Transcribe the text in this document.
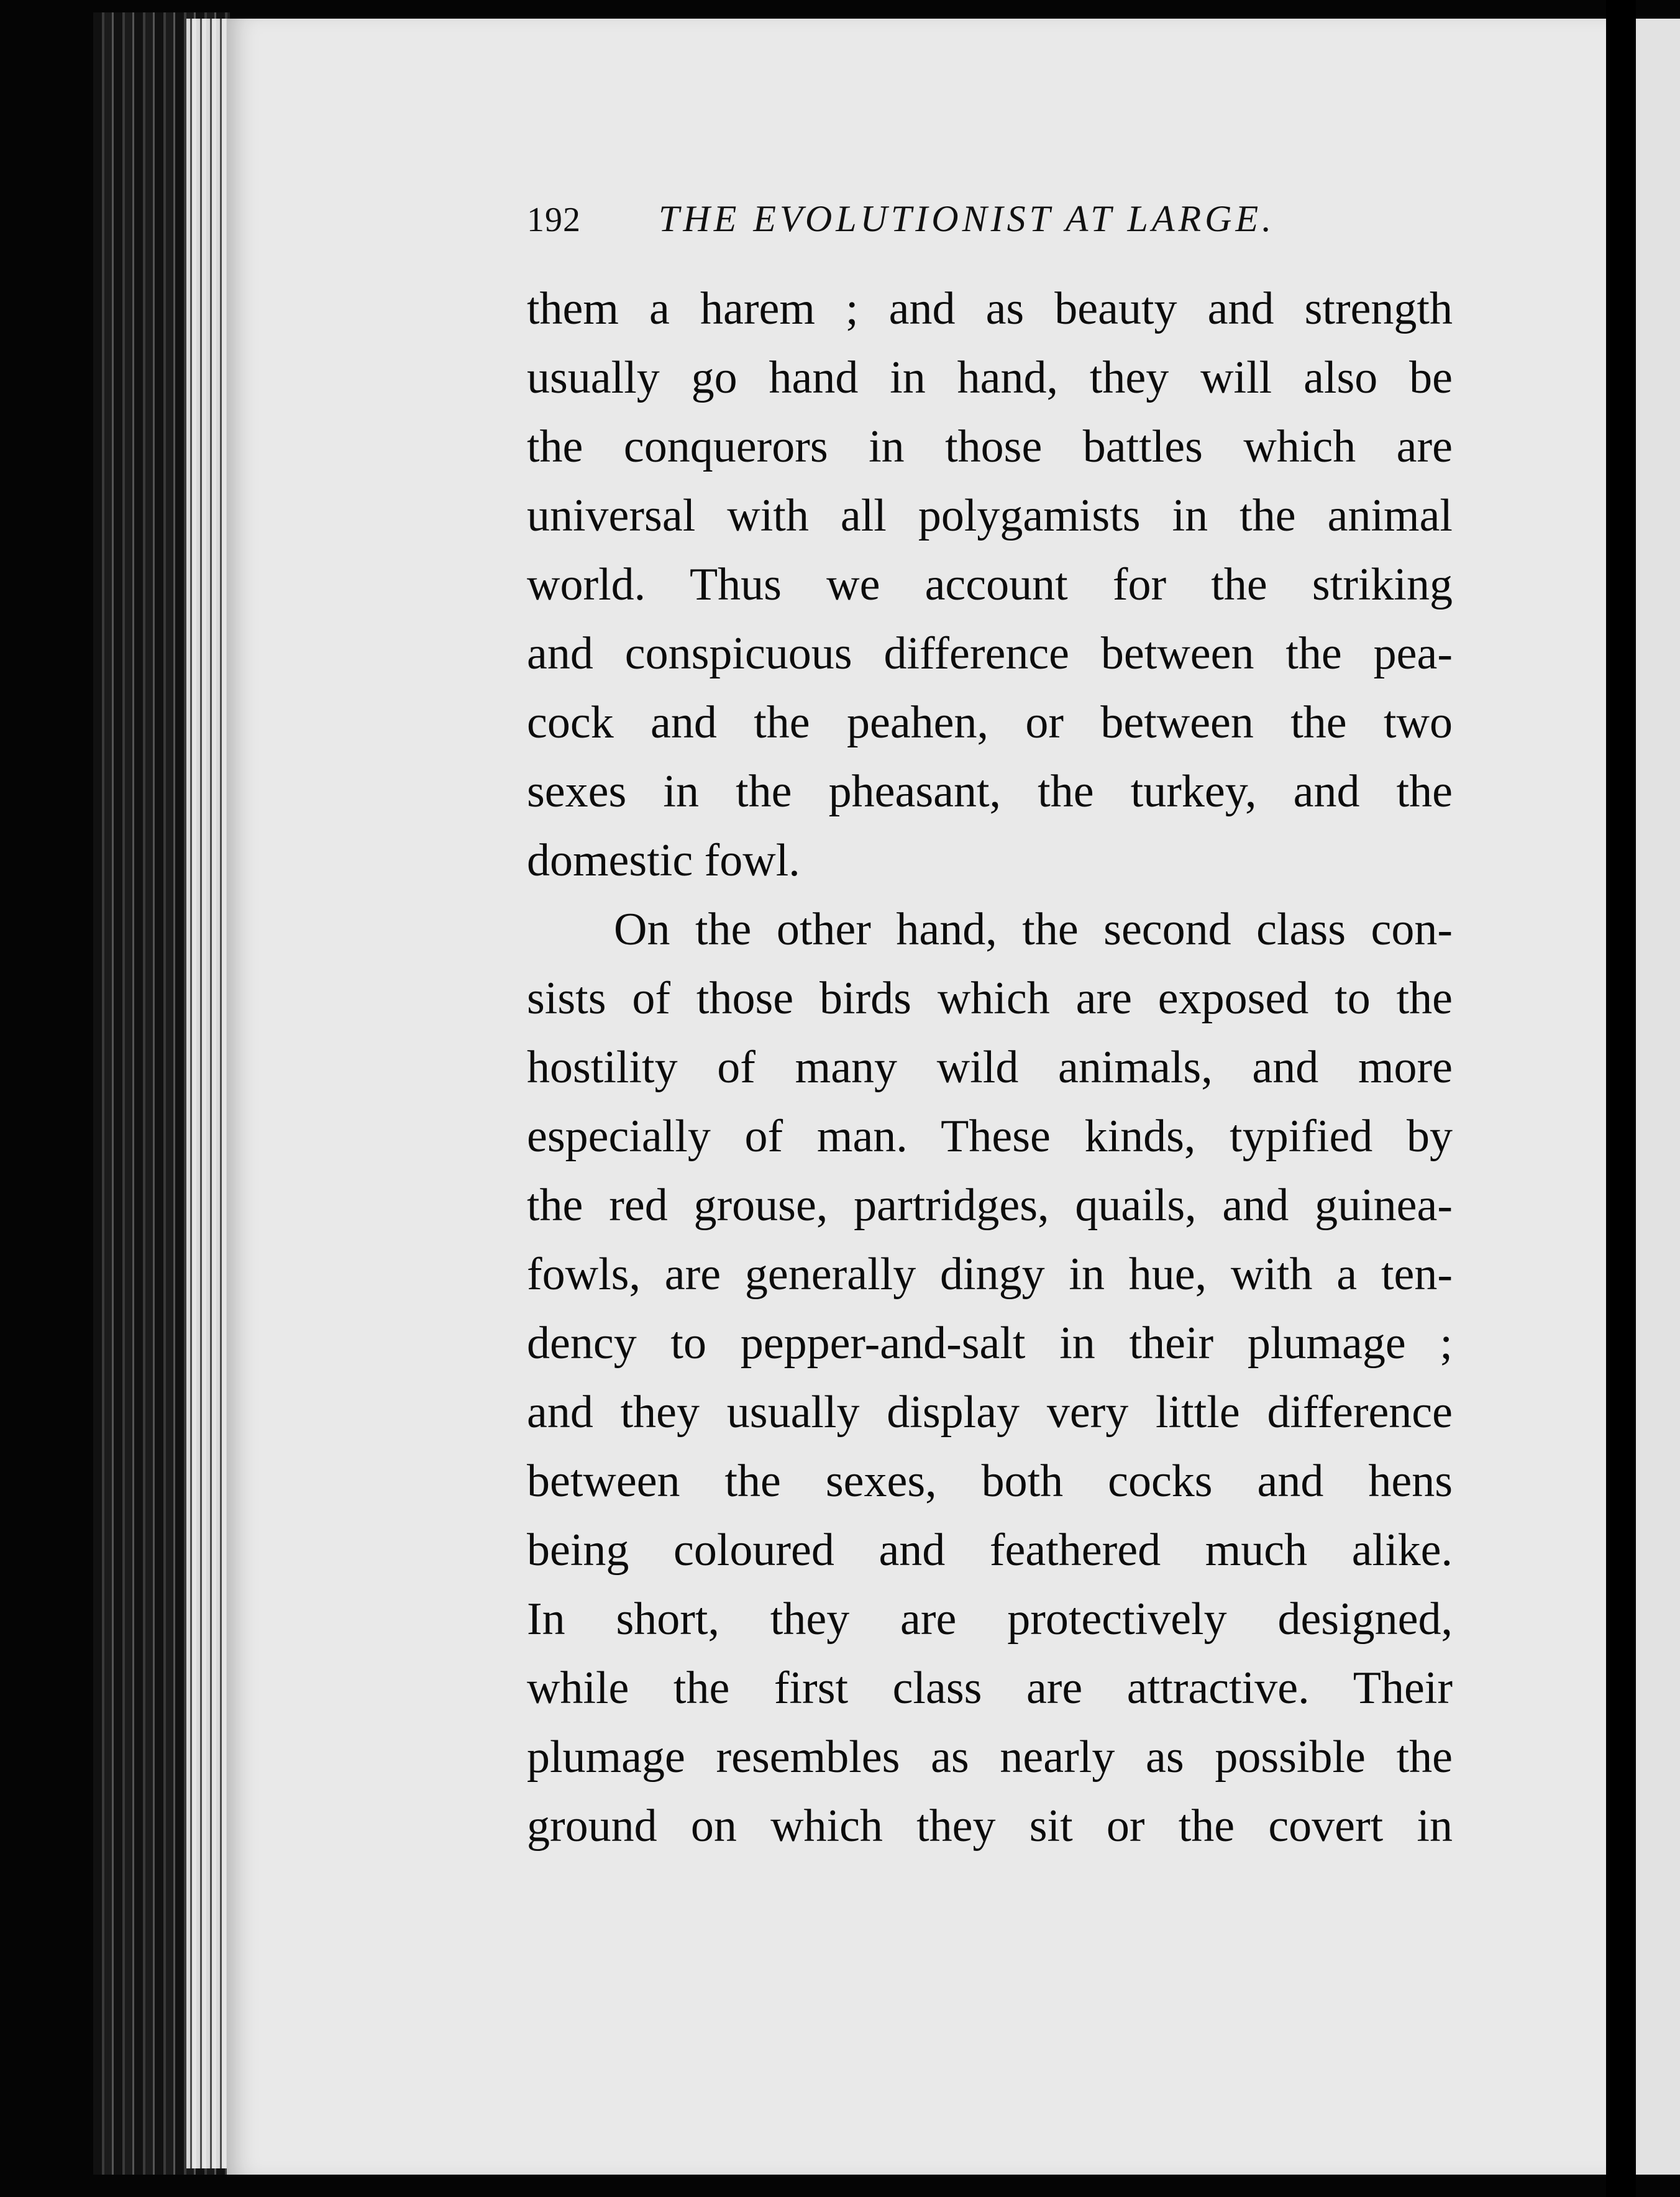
192 THE EVOLUTIONIST AT LARGE.
them a harem ; and as beauty and strength
usually go hand in hand, they will also be
the conquerors in those battles which are
universal with all polygamists in the animal
world. Thus we account for the striking
and conspicuous difference between the pea-
cock and the peahen, or between the two
sexes in the pheasant, the turkey, and the
domestic fowl.
On the other hand, the second class con-
sists of those birds which are exposed to the
hostility of many wild animals, and more
especially of man. These kinds, typified by
the red grouse, partridges, quails, and guinea-
fowls, are generally dingy in hue, with a ten-
dency to pepper-and-salt in their plumage ;
and they usually display very little difference
between the sexes, both cocks and hens
being coloured and feathered much alike.
In short, they are protectively designed,
while the first class are attractive. Their
plumage resembles as nearly as possible the
ground on which they sit or the covert in
